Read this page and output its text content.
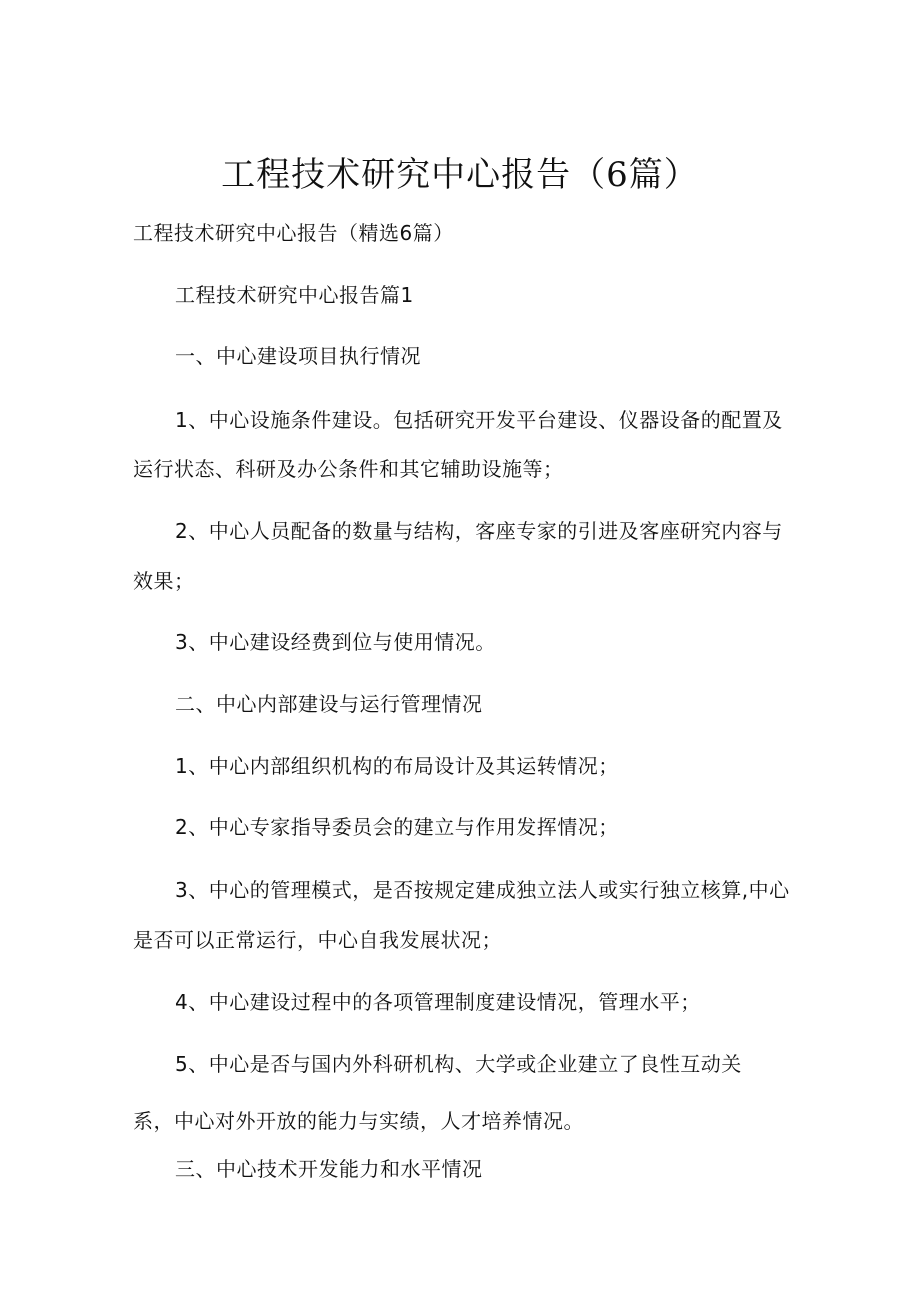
工程技术研究中心报告（6篇）
工程技术研究中心报告（精选6篇）
工程技术研究中心报告篇1
一、中心建设项目执行情况
1、中心设施条件建设。包括研究开发平台建设、仪器设备的配置及
运行状态、科研及办公条件和其它辅助设施等；
2、中心人员配备的数量与结构，客座专家的引进及客座研究内容与
效果；
3、中心建设经费到位与使用情况。
二、中心内部建设与运行管理情况
1、中心内部组织机构的布局设计及其运转情况；
2、中心专家指导委员会的建立与作用发挥情况；
3、中心的管理模式，是否按规定建成独立法人或实行独立核算,中心
是否可以正常运行，中心自我发展状况；
4、中心建设过程中的各项管理制度建设情况，管理水平；
5、中心是否与国内外科研机构、大学或企业建立了良性互动关
系，中心对外开放的能力与实绩，人才培养情况。
三、中心技术开发能力和水平情况
